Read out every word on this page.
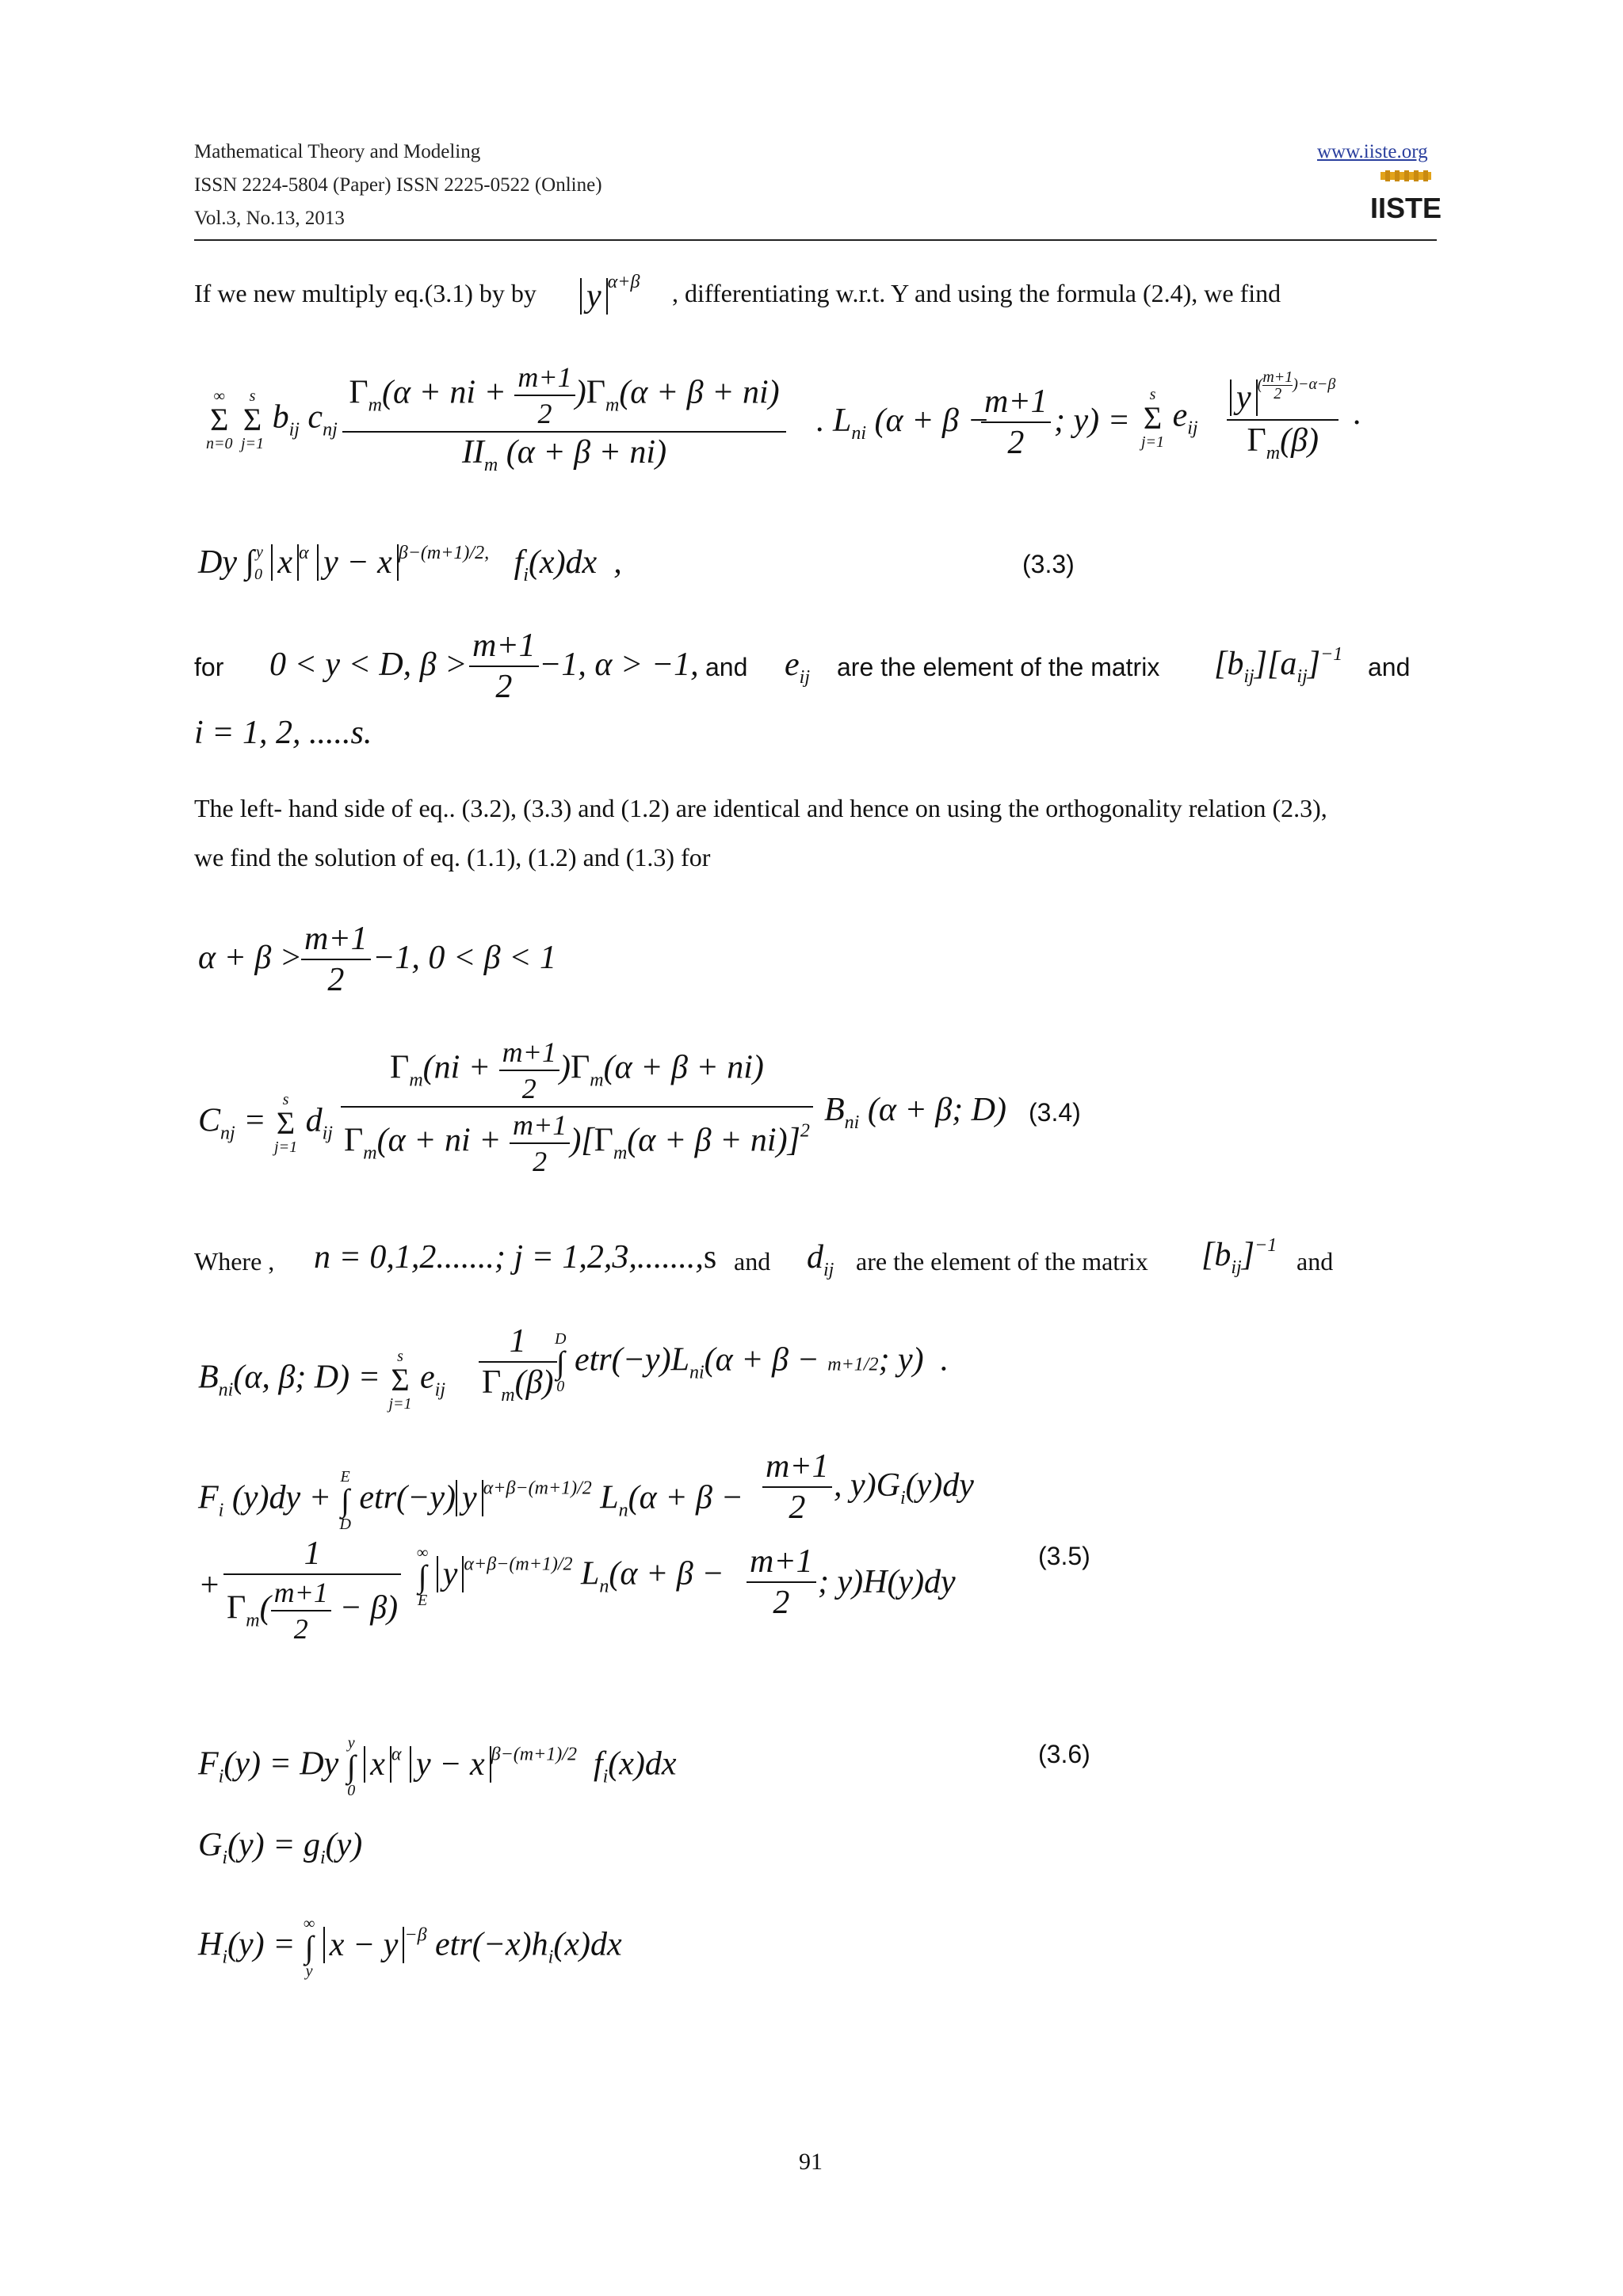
Mathematical Theory and Modeling
ISSN 2224-5804 (Paper) ISSN 2225-0522 (Online)
Vol.3, No.13, 2013
www.iiste.org
IISTE
If we new multiply eq.(3.1) by by y $^{\alpha+\beta}$ , differentiating w.r.t. Y and using the formula (2.4), we find
∞
Σ
n=0

s
Σ
j=1
$b_{ij}$ $c_{nj} \frac{\Gamma_m(\alpha + ni + \frac{m+1}{2} )\Gamma_m(\alpha + \beta + ni)}{II_m (\alpha + \beta + ni)}$ . $L_{ni}$ (α + β −
$\frac{m+1}{2}$ ; y) =
s
Σ
j=1
$e_{ij}$ y $^{( \frac{m+1}{2} )-\alpha-\beta}$
$\Gamma_m(\beta)$ .
Dy ∫0$^y$ x $^\alpha$ y − x $^{\beta-(m+1)/2,}$   $f_i(x)dx$  ,	(3.3)
for 0 < y < D, $\beta > \frac{m+1}{2} -1$, α > −1, and $e_{ij}$ are the element of the matrix $[b_{ij}][a_{ij}]^{-1}$ and
i = 1, 2, .....s.
The left- hand side of eq.. (3.2), (3.3) and (1.2) are identical and hence on using the orthogonality relation (2.3),
we find the solution of eq. (1.1), (1.2) and (1.3) for
α + β >
$\frac{m+1}{2} -1$, 0 < β < 1
$C_{nj}$ =
s
Σ
j=1
$d_{ij} \frac{\Gamma_m(ni + \frac{m+1}{2} )\Gamma_m(\alpha + \beta + ni)}{\Gamma_m(\alpha + ni + \frac{m+1}{2} )[\Gamma_m(\alpha + \beta + ni)]^2} B_{ni}$ (α + β; D) (3.4)
Where , n = 0,1,2.......; j = 1,2,3,.......,s and $d_{ij}$ are the element of the matrix $[b_{ij}]^{-1}$
and
$B_{ni}(\alpha$, β; D) =
s
Σ
j=1
$e_{ij} \frac{1}{\Gamma_m(\beta)}$
D
∫
0
$etr(-y)L_{ni}(\alpha + \beta - m+1/2$; y)  .
$F_i$ (y)dy +
E
∫
D
etr(−y) y $^{\alpha+\beta-(m+1)/2}$ $L_n(\alpha + \beta - \frac{m+1}{2}$ , $y)G_i(y)dy$
+ $\frac{1}{\Gamma_m( \frac{m+1}{2} - \beta)}$ ∞
∫
E
y $^{\alpha+\beta-(m+1)/2}$ $L_n(\alpha + \beta - \frac{m+1}{2}$ ; y)H(y)dy
(3.5)
$F_i(y) = Dy$
y
∫
0
x $^\alpha$ y − x $^{\beta-(m+1)/2}$  $f_i(x)dx$	(3.6)
$G_i(y) = g_i(y)$
$H_i(y)$ =
∞
∫
y
x − y $^{-\beta}$ $etr(-x)h_i(x)dx$
91
